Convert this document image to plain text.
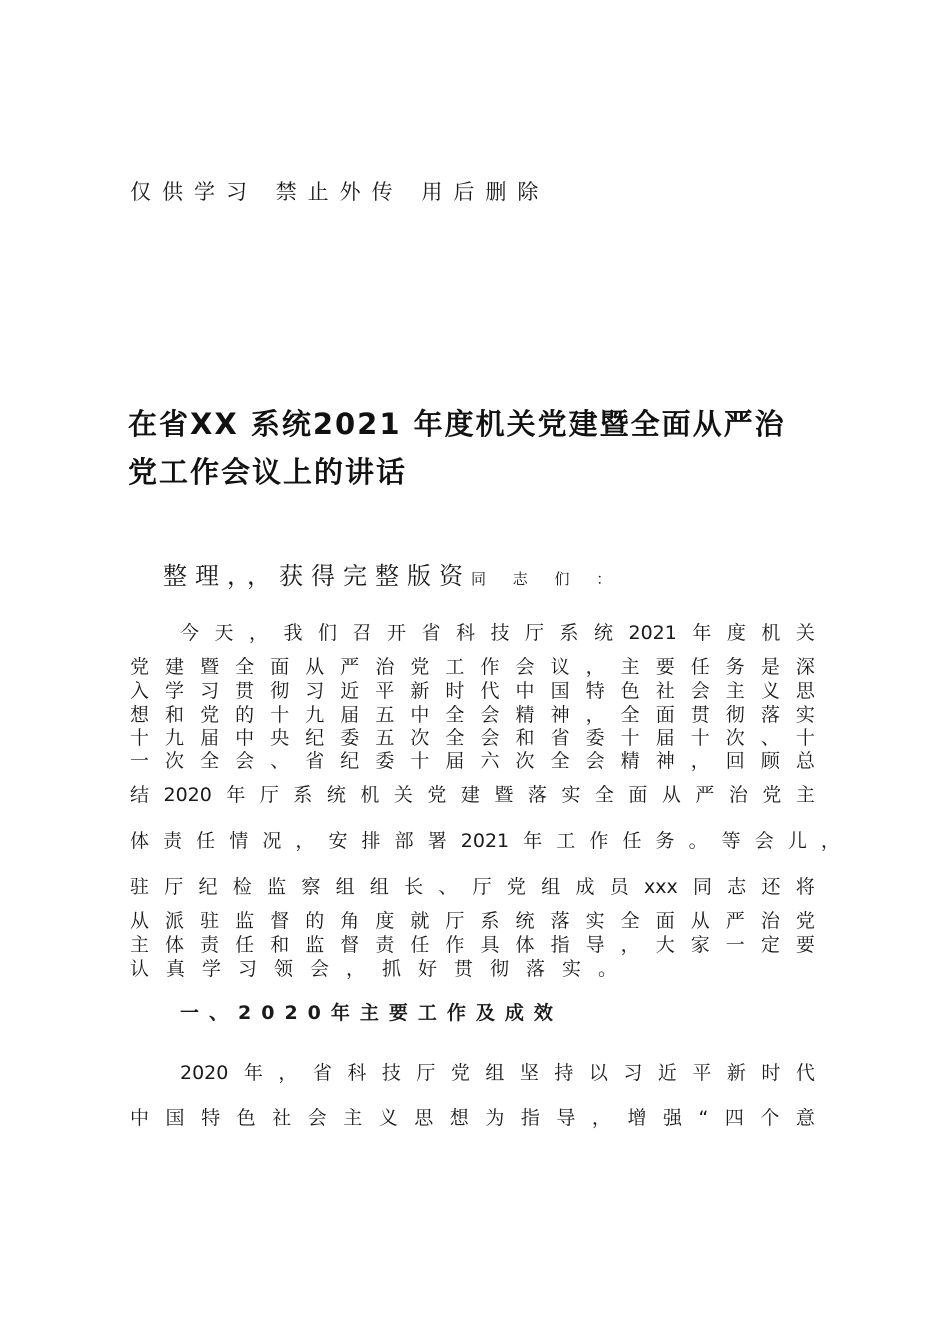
仅供学习 禁止外传 用后删除
在省XX 系统2021 年度机关党建暨全面从严治
党工作会议上的讲话
整理，，获得完整版资同 志 们 ：
今 天 ， 我 们 召 开 省 科 技 厅 系 统 2021 年 度 机 关
党 建 暨 全 面 从 严 治 党 工 作 会 议 ， 主 要 任 务 是 深
入 学 习 贯 彻 习 近 平 新 时 代 中 国 特 色 社 会 主 义 思
想 和 党 的 十 九 届 五 中 全 会 精 神 ， 全 面 贯 彻 落 实
十 九 届 中 央 纪 委 五 次 全 会 和 省 委 十 届 十 次 、 十
一 次 全 会 、 省 纪 委 十 届 六 次 全 会 精 神 ， 回 顾 总
结 2020 年 厅 系 统 机 关 党 建 暨 落 实 全 面 从 严 治 党 主
体 责 任 情 况 ， 安 排 部 署 2021 年 工 作 任 务 。 等 会 儿 ，
驻 厅 纪 检 监 察 组 组 长 、 厅 党 组 成 员 xxx 同 志 还 将
从 派 驻 监 督 的 角 度 就 厅 系 统 落 实 全 面 从 严 治 党
主 体 责 任 和 监 督 责 任 作 具 体 指 导 ， 大 家 一 定 要
认真学习领会，抓好贯彻落实。
一、2020年主要工作及成效
2020 年 ， 省 科 技 厅 党 组 坚 持 以 习 近 平 新 时 代
中 国 特 色 社 会 主 义 思 想 为 指 导 ， 增 强 “ 四 个 意
